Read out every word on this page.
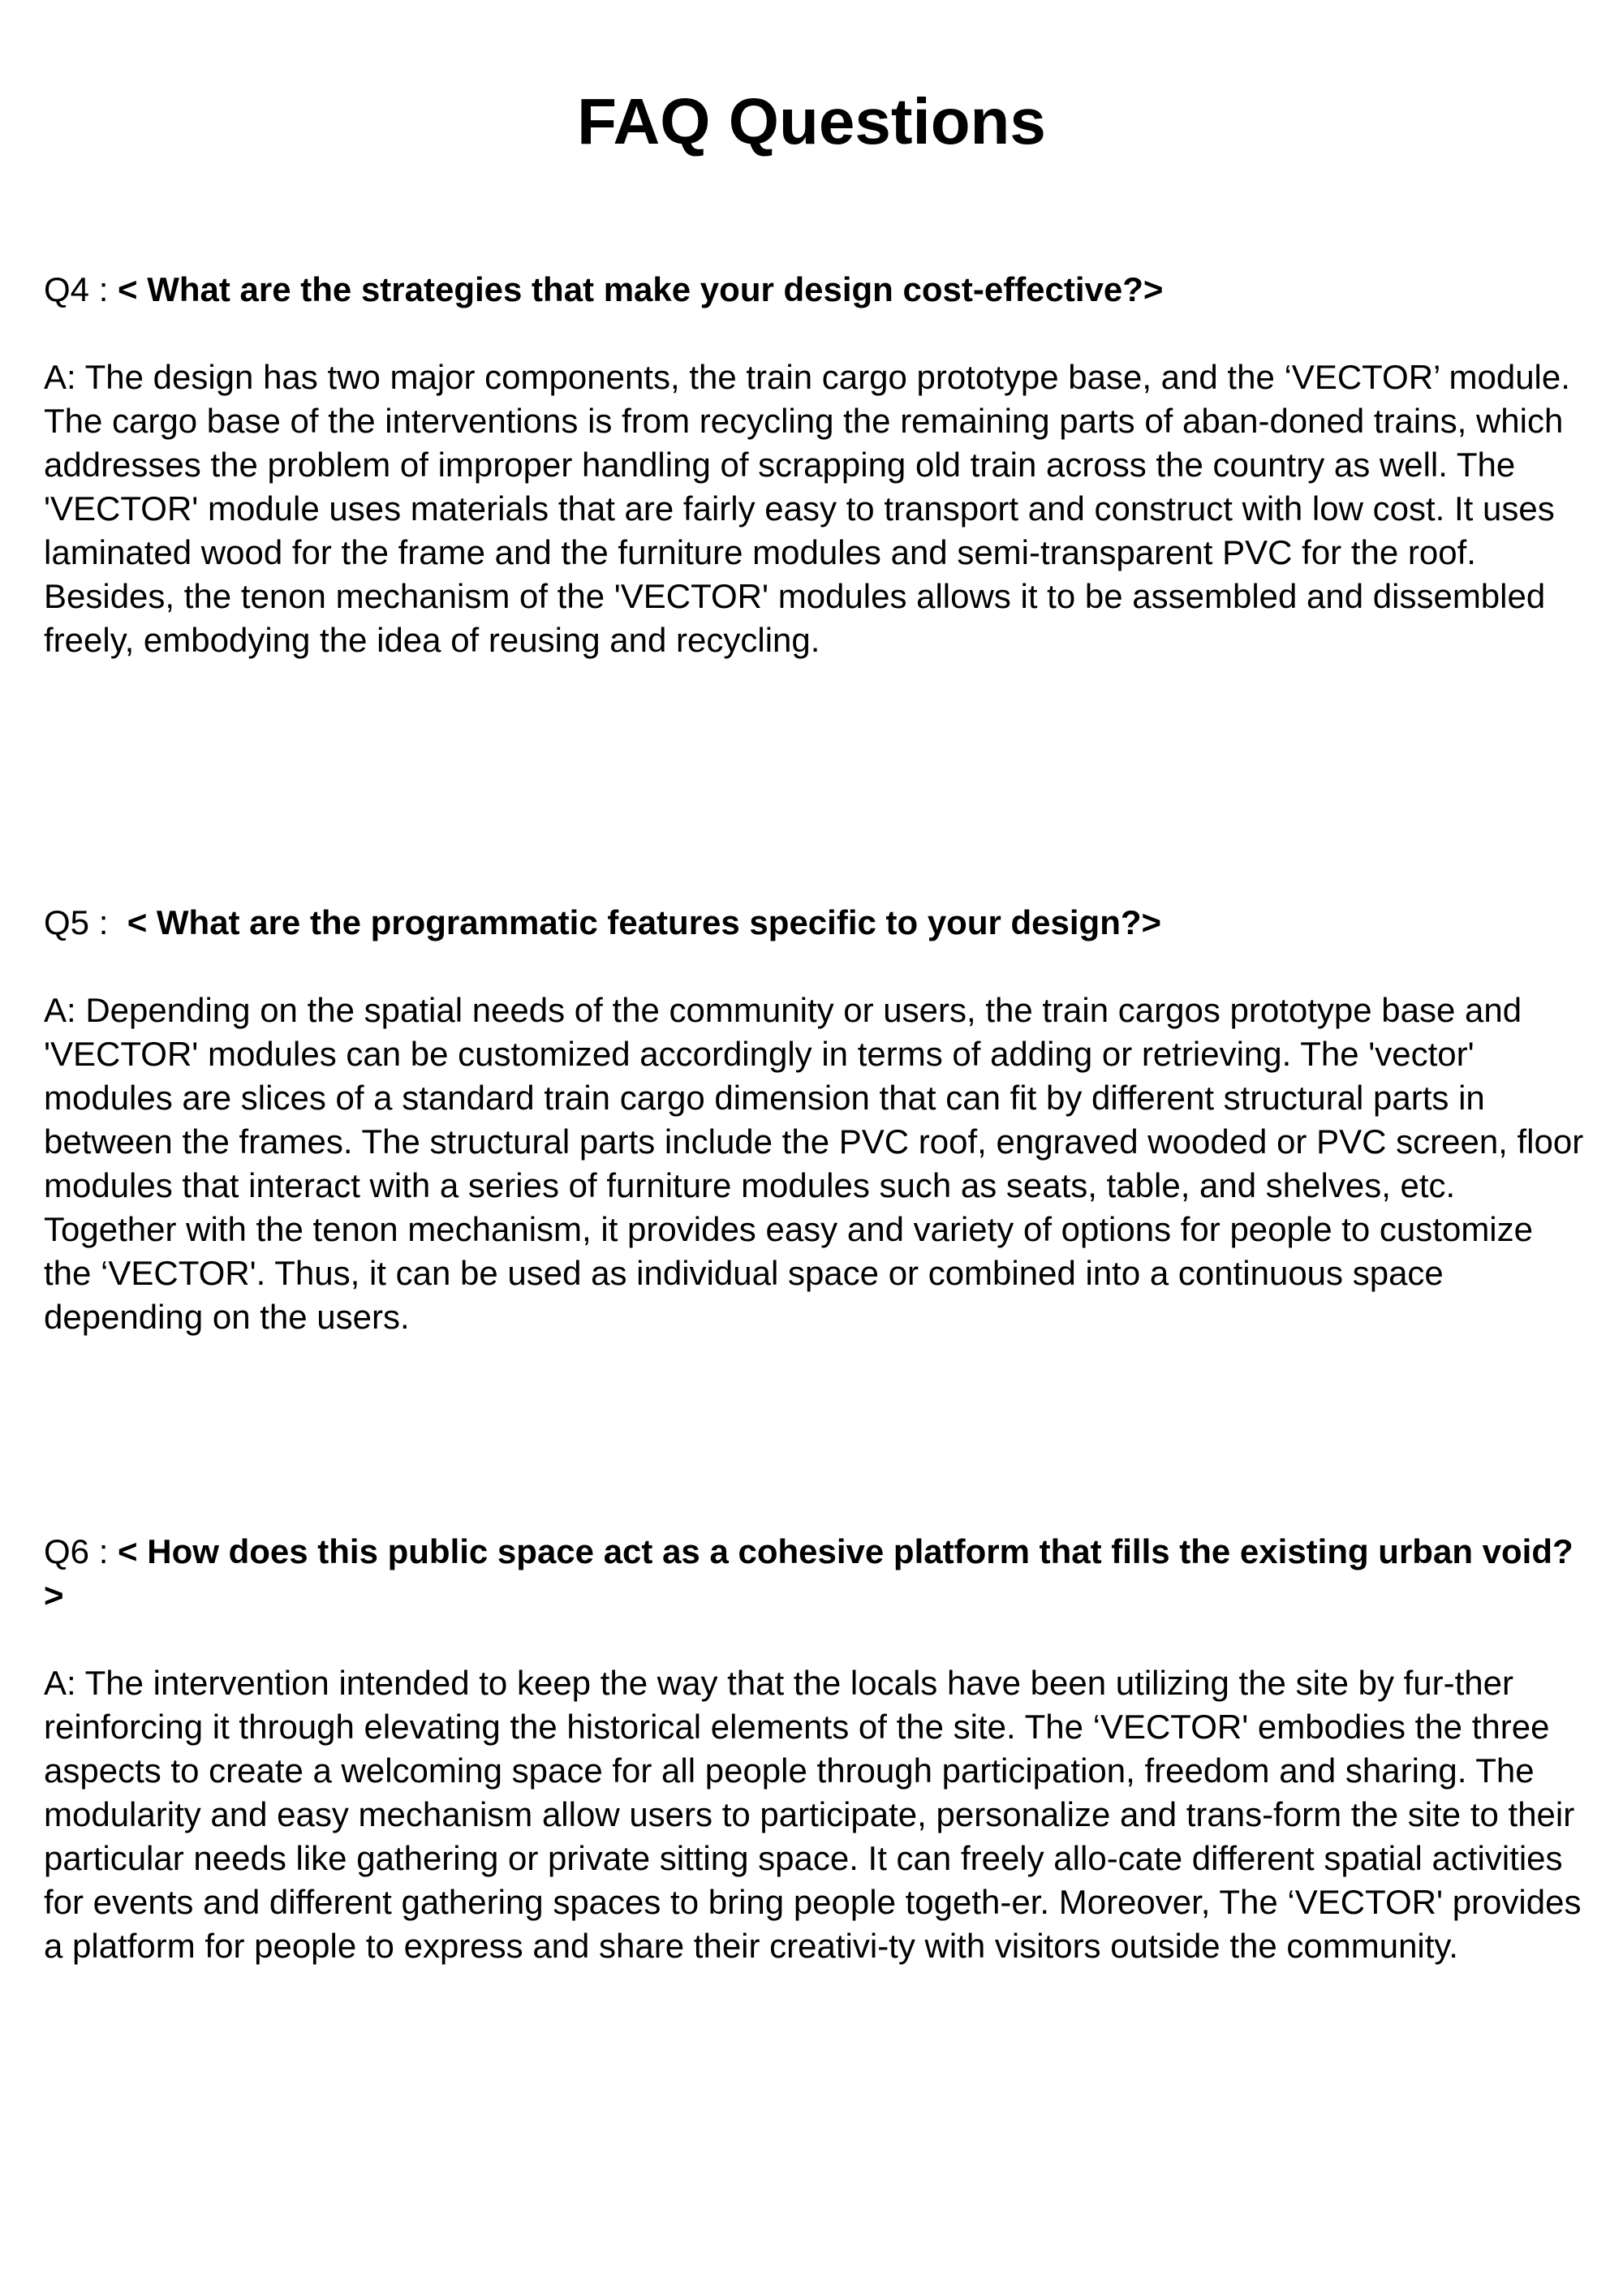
FAQ Questions

Q4 : < What are the strategies that make your design cost-effective?>

A: The design has two major components, the train cargo prototype base, and the ‘VECTOR’ module. The cargo base of the interventions is from recycling the remaining parts of aban-doned trains, which addresses the problem of improper handling of scrapping old train across the country as well. The 'VECTOR' module uses materials that are fairly easy to transport and construct with low cost. It uses laminated wood for the frame and the furniture modules and semi-transparent PVC for the roof. Besides, the tenon mechanism of the 'VECTOR' modules allows it to be assembled and dissembled freely, embodying the idea of reusing and recycling.

Q5 :  < What are the programmatic features specific to your design?>

A: Depending on the spatial needs of the community or users, the train cargos prototype base and 'VECTOR' modules can be customized accordingly in terms of adding or retrieving. The 'vector' modules are slices of a standard train cargo dimension that can fit by different structural parts in between the frames. The structural parts include the PVC roof, engraved wooded or PVC screen, floor modules that interact with a series of furniture modules such as seats, table, and shelves, etc. Together with the tenon mechanism, it provides easy and variety of options for people to customize the ‘VECTOR'. Thus, it can be used as individual space or combined into a continuous space depending on the users.

Q6 : < How does this public space act as a cohesive platform that fills the existing urban void? >

A: The intervention intended to keep the way that the locals have been utilizing the site by fur-ther reinforcing it through elevating the historical elements of the site. The ‘VECTOR' embodies the three aspects to create a welcoming space for all people through participation, freedom and sharing. The modularity and easy mechanism allow users to participate, personalize and trans-form the site to their particular needs like gathering or private sitting space. It can freely allo-cate different spatial activities for events and different gathering spaces to bring people togeth-er. Moreover, The ‘VECTOR' provides a platform for people to express and share their creativi-ty with visitors outside the community.
